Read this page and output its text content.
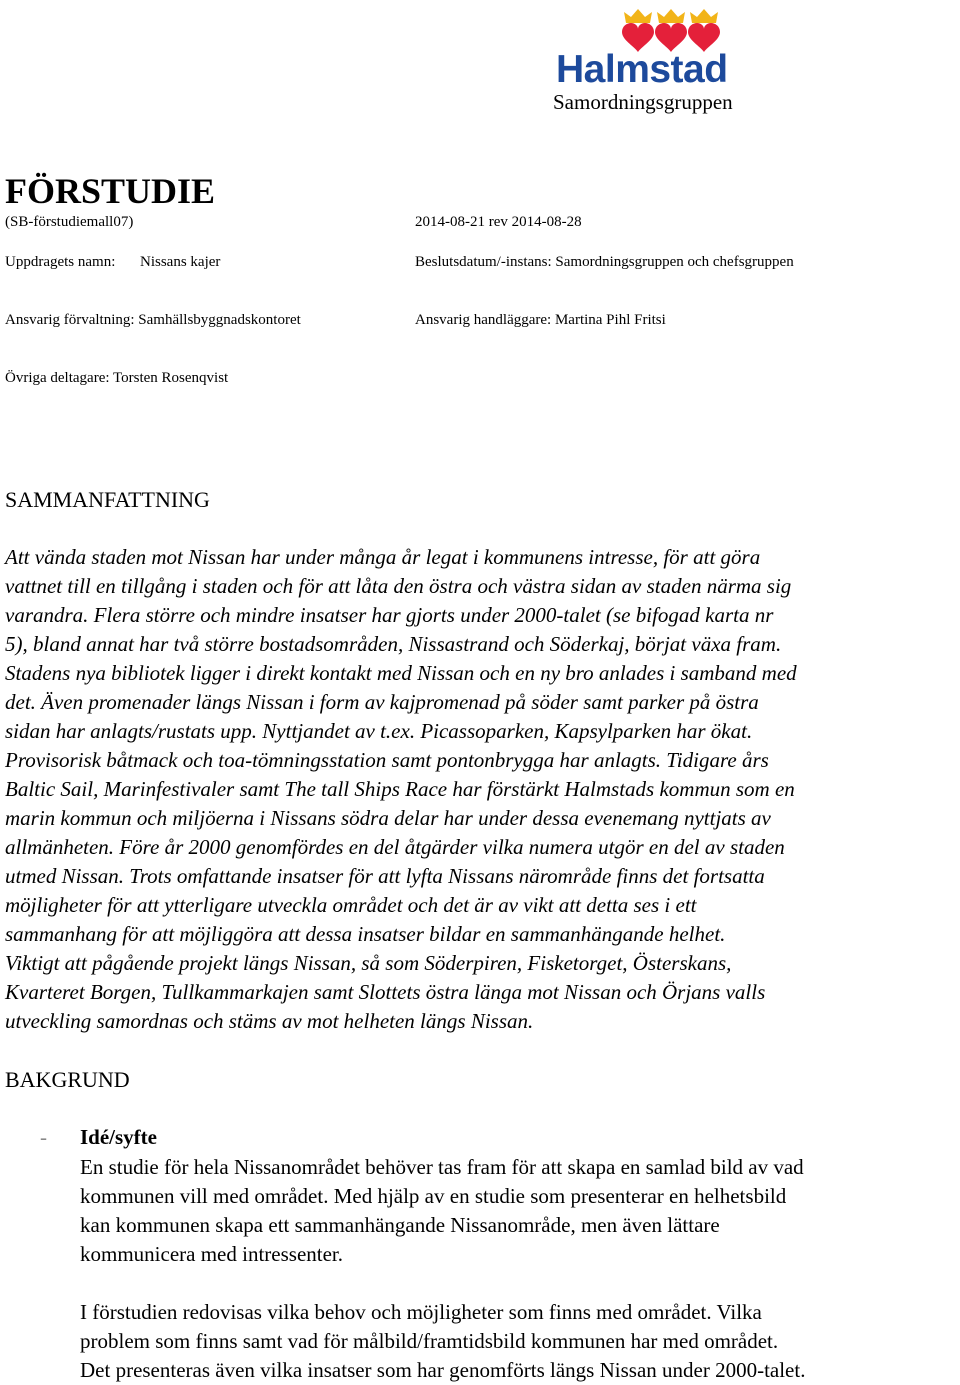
Halmstad
Samordningsgruppen
FÖRSTUDIE
(SB-förstudiemall07)	2014-08-21 rev 2014-08-28
Uppdragets namn: Nissans kajer	Beslutsdatum/-instans: Samordningsgruppen och chefsgruppen
Ansvarig förvaltning: Samhällsbyggnadskontoret	Ansvarig handläggare: Martina Pihl Fritsi
Övriga deltagare: Torsten Rosenqvist
SAMMANFATTNING
Att vända staden mot Nissan har under många år legat i kommunens intresse, för att göra
vattnet till en tillgång i staden och för att låta den östra och västra sidan av staden närma sig
varandra. Flera större och mindre insatser har gjorts under 2000-talet (se bifogad karta nr
5), bland annat har två större bostadsområden, Nissastrand och Söderkaj, börjat växa fram.
Stadens nya bibliotek ligger i direkt kontakt med Nissan och en ny bro anlades i samband med
det. Även promenader längs Nissan i form av kajpromenad på söder samt parker på östra
sidan har anlagts/rustats upp. Nyttjandet av t.ex. Picassoparken, Kapsylparken har ökat.
Provisorisk båtmack och toa-tömningsstation samt pontonbrygga har anlagts. Tidigare års
Baltic Sail, Marinfestivaler samt The tall Ships Race har förstärkt Halmstads kommun som en
marin kommun och miljöerna i Nissans södra delar har under dessa evenemang nyttjats av
allmänheten. Före år 2000 genomfördes en del åtgärder vilka numera utgör en del av staden
utmed Nissan. Trots omfattande insatser för att lyfta Nissans närområde finns det fortsatta
möjligheter för att ytterligare utveckla området och det är av vikt att detta ses i ett
sammanhang för att möjliggöra att dessa insatser bildar en sammanhängande helhet.
Viktigt att pågående projekt längs Nissan, så som Söderpiren, Fisketorget, Österskans,
Kvarteret Borgen, Tullkammarkajen samt Slottets östra länga mot Nissan och Örjans valls
utveckling samordnas och stäms av mot helheten längs Nissan.
BAKGRUND
- Idé/syfte
En studie för hela Nissanområdet behöver tas fram för att skapa en samlad bild av vad
kommunen vill med området. Med hjälp av en studie som presenterar en helhetsbild
kan kommunen skapa ett sammanhängande Nissanområde, men även lättare
kommunicera med intressenter.
I förstudien redovisas vilka behov och möjligheter som finns med området. Vilka
problem som finns samt vad för målbild/framtidsbild kommunen har med området.
Det presenteras även vilka insatser som har genomförts längs Nissan under 2000-talet.
